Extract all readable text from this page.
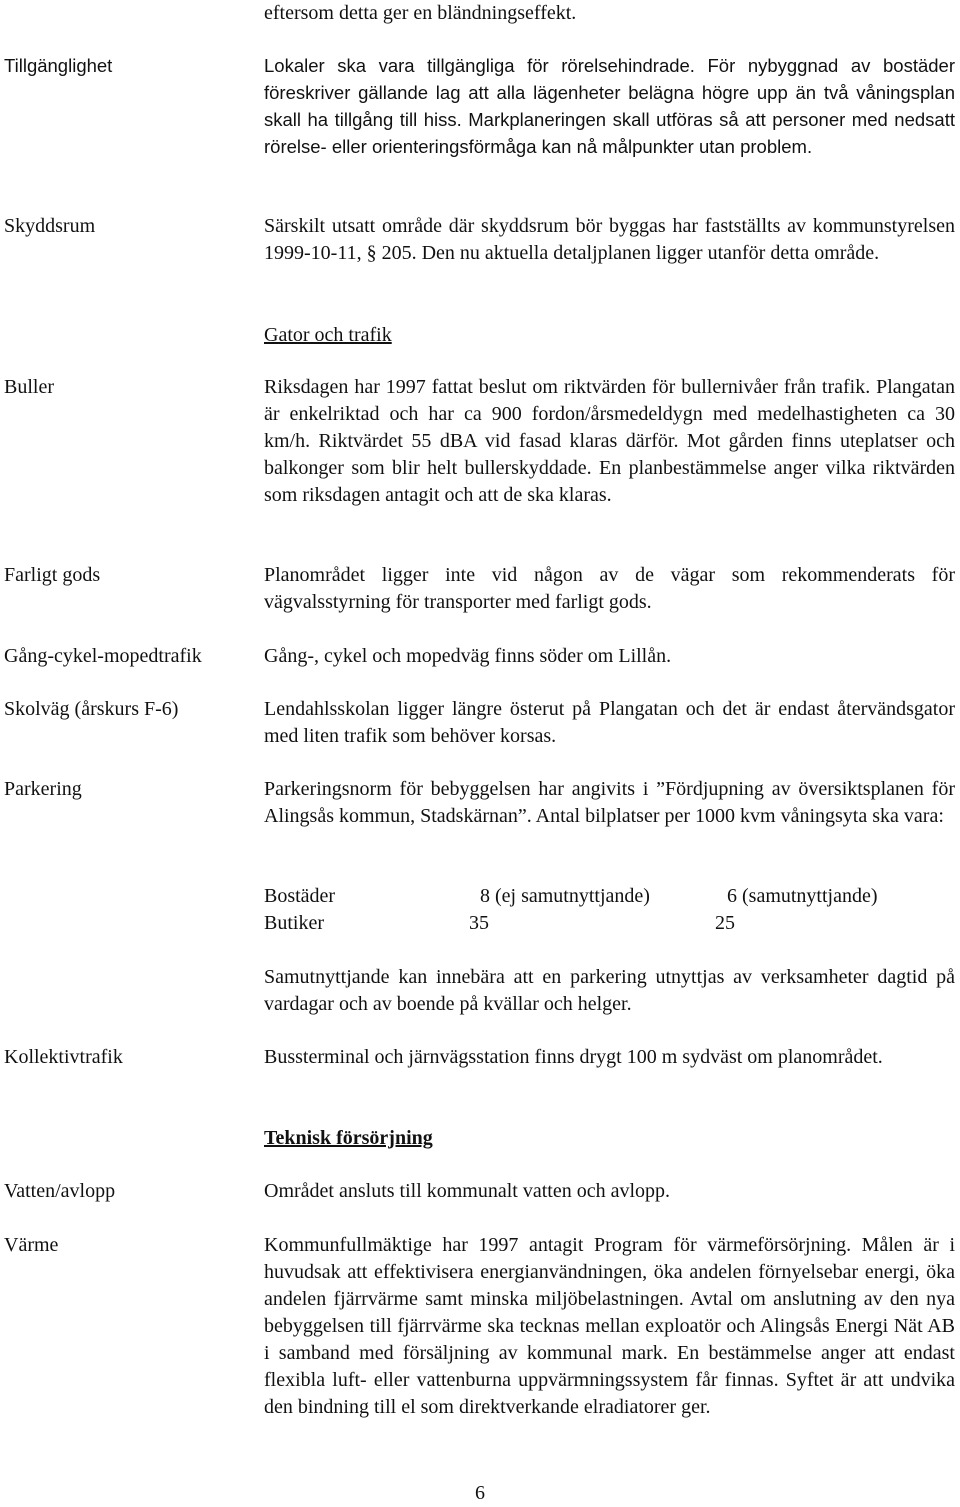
eftersom detta ger en bländningseffekt.
Tillgänglighet	Lokaler ska vara tillgängliga för rörelsehindrade. För nybyggnad av bostäder föreskriver gällande lag att alla lägenheter belägna högre upp än två våningsplan skall ha tillgång till hiss. Markplaneringen skall utföras så att personer med nedsatt rörelse- eller orienteringsförmåga kan nå målpunkter utan problem.
Skyddsrum	Särskilt utsatt område där skyddsrum bör byggas har fastställts av kommunstyrelsen 1999-10-11, § 205. Den nu aktuella detaljplanen ligger utanför detta område.
Gator och trafik
Buller	Riksdagen har 1997 fattat beslut om riktvärden för bullernivåer från trafik. Plangatan är enkelriktad och har ca 900 fordon/årsmedeldygn med medelhastigheten ca 30 km/h. Riktvärdet 55 dBA vid fasad klaras därför. Mot gården finns uteplatser och balkonger som blir helt bullerskyddade. En planbestämmelse anger vilka riktvärden som riksdagen antagit och att de ska klaras.
Farligt gods	Planområdet ligger inte vid någon av de vägar som rekommenderats för vägvalsstyrning för transporter med farligt gods.
Gång-cykel-mopedtrafik	Gång-, cykel och mopedväg finns söder om Lillån.
Skolväg (årskurs F-6)	Lendahlsskolan ligger längre österut på Plangatan och det är endast återvändsgator med liten trafik som behöver korsas.
Parkering	Parkeringsnorm för bebyggelsen har angivits i ”Fördjupning av översiktsplanen för Alingsås kommun, Stadskärnan”. Antal bilplatser per 1000 kvm våningsyta ska vara:
Bostäder	8 (ej samutnyttjande)	6 (samutnyttjande)
Butiker	35	25
Samutnyttjande kan innebära att en parkering utnyttjas av verksamheter dagtid på vardagar och av boende på kvällar och helger.
Kollektivtrafik	Bussterminal och järnvägsstation finns drygt 100 m sydväst om planområdet.
Teknisk försörjning
Vatten/avlopp	Området ansluts till kommunalt vatten och avlopp.
Värme	Kommunfullmäktige har 1997 antagit Program för värmeförsörjning. Målen är i huvudsak att effektivisera energianvändningen, öka andelen förnyelsebar energi, öka andelen fjärrvärme samt minska miljöbelastningen. Avtal om anslutning av den nya bebyggelsen till fjärrvärme ska tecknas mellan exploatör och Alingsås Energi Nät AB i samband med försäljning av kommunal mark. En bestämmelse anger att endast flexibla luft- eller vattenburna uppvärmningssystem får finnas. Syftet är att undvika den bindning till el som direktverkande elradiatorer ger.
6
